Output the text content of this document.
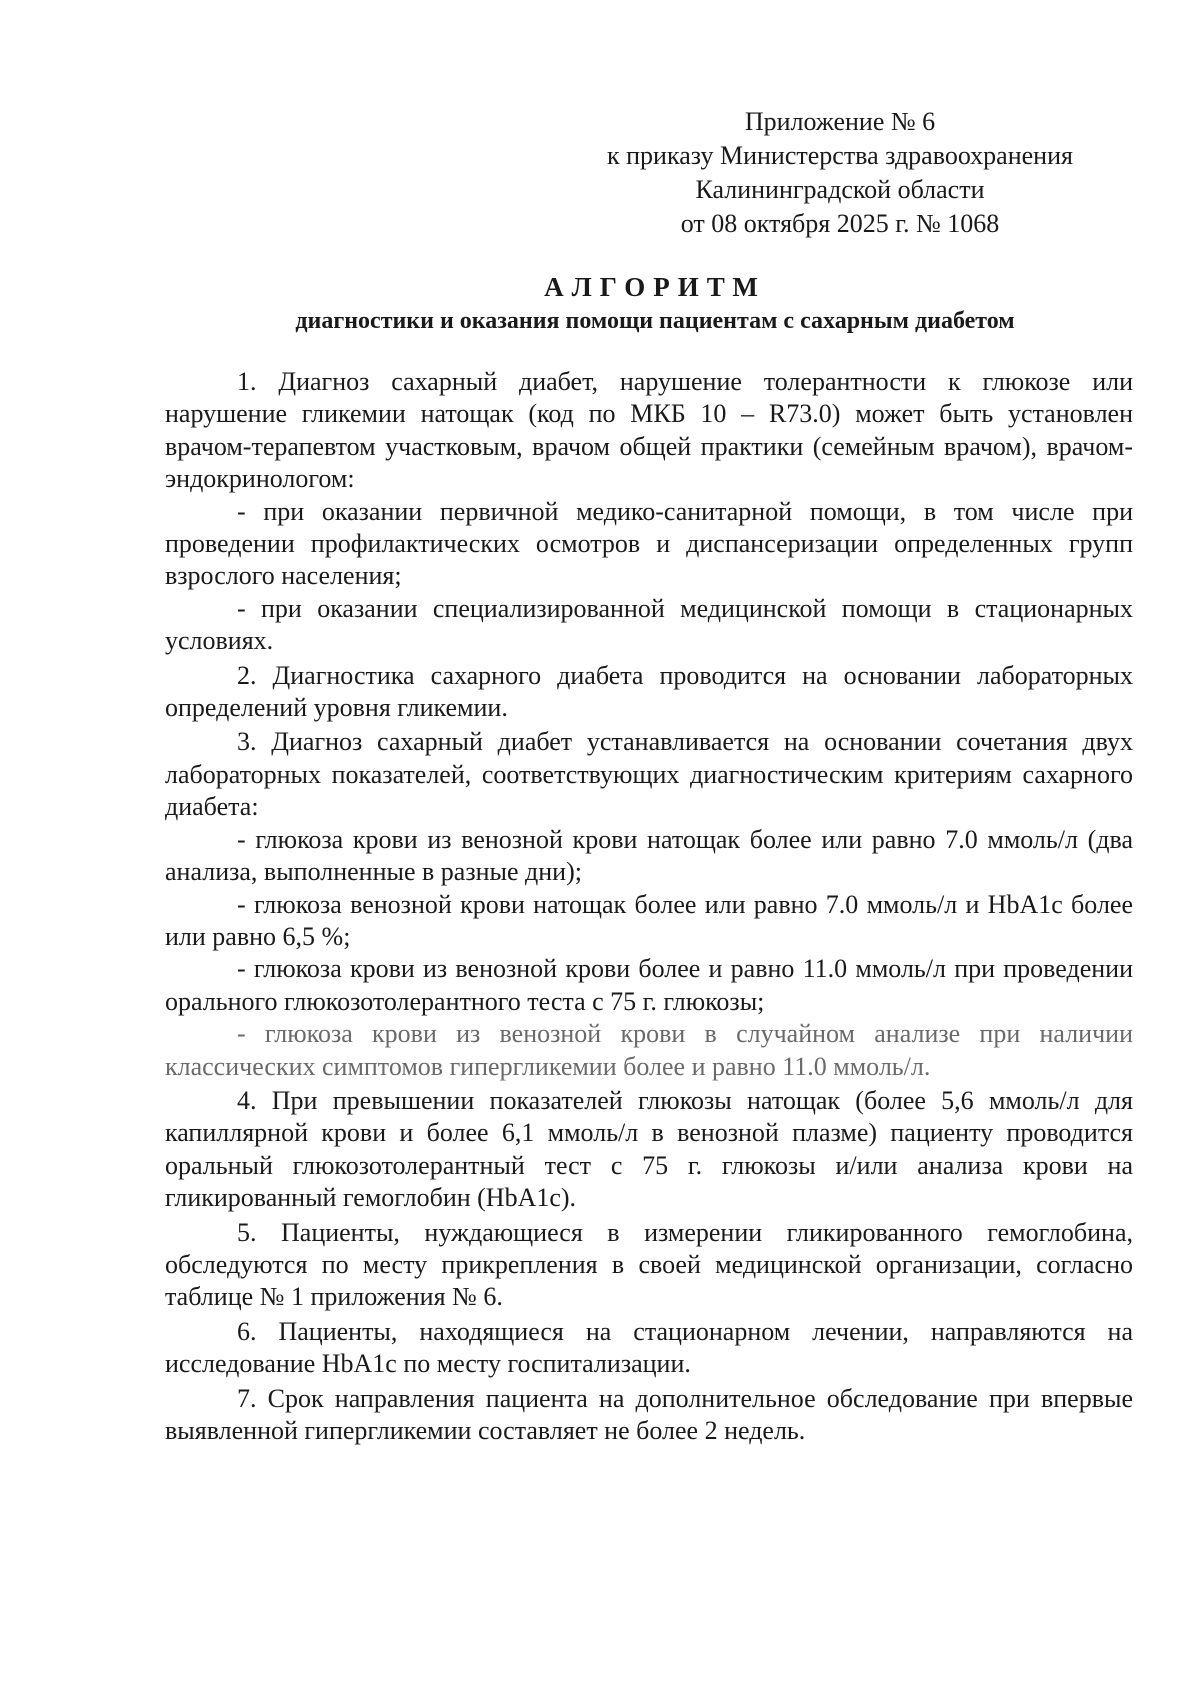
Приложение № 6
к приказу Министерства здравоохранения
Калининградской области
от 08 октября 2025 г. № 1068
АЛГОРИТМ
диагностики и оказания помощи пациентам с сахарным диабетом

1. Диагноз сахарный диабет, нарушение толерантности к глюкозе или нарушение гликемии натощак (код по МКБ 10 – R73.0) может быть установлен врачом-терапевтом участковым, врачом общей практики (семейным врачом), врачом-эндокринологом:

- при оказании первичной медико-санитарной помощи, в том числе при проведении профилактических осмотров и диспансеризации определенных групп взрослого населения;

- при оказании специализированной медицинской помощи в стационарных условиях.

2. Диагностика сахарного диабета проводится на основании лабораторных определений уровня гликемии.

3. Диагноз сахарный диабет устанавливается на основании сочетания двух лабораторных показателей, соответствующих диагностическим критериям сахарного диабета:

- глюкоза крови из венозной крови натощак более или равно 7.0 ммоль/л (два анализа, выполненные в разные дни);

- глюкоза венозной крови натощак более или равно 7.0 ммоль/л и HbA1c более или равно 6,5 %;

- глюкоза крови из венозной крови более и равно 11.0 ммоль/л при проведении орального глюкозотолерантного теста с 75 г. глюкозы;

- глюкоза крови из венозной крови в случайном анализе при наличии классических симптомов гипергликемии более и равно 11.0 ммоль/л.

4. При превышении показателей глюкозы натощак (более 5,6 ммоль/л для капиллярной крови и более 6,1 ммоль/л в венозной плазме) пациенту проводится оральный глюкозотолерантный тест с 75 г. глюкозы и/или анализа крови на гликированный гемоглобин (HbA1c).

5. Пациенты, нуждающиеся в измерении гликированного гемоглобина, обследуются по месту прикрепления в своей медицинской организации, согласно таблице № 1 приложения № 6.

6. Пациенты, находящиеся на стационарном лечении, направляются на исследование HbA1c по месту госпитализации.

7. Срок направления пациента на дополнительное обследование при впервые выявленной гипергликемии составляет не более 2 недель.
